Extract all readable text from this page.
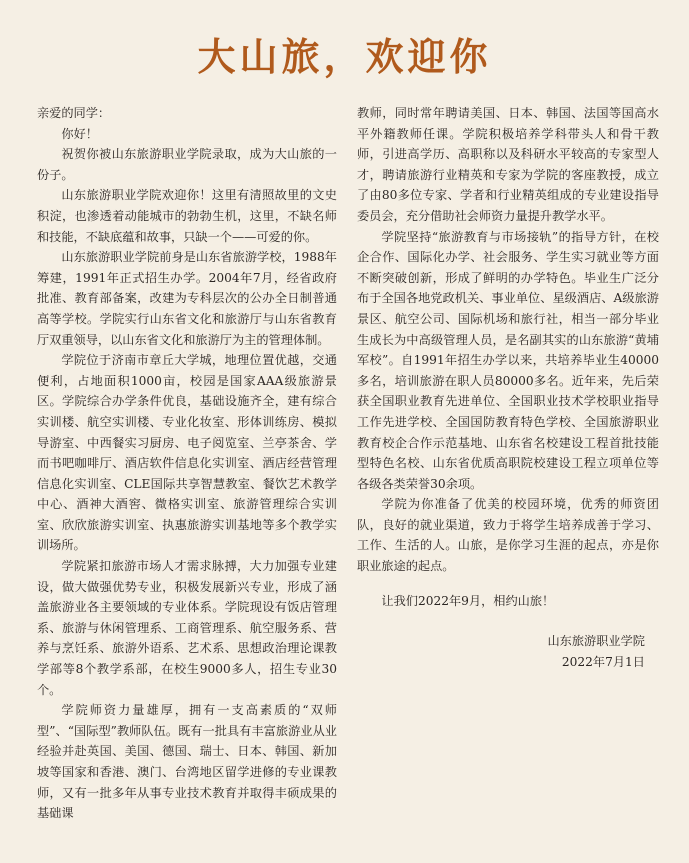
大山旅，欢迎你

亲爱的同学：

你好！

祝贺你被山东旅游职业学院录取，成为大山旅的一份子。

山东旅游职业学院欢迎你！这里有清照故里的文史积淀，也渗透着动能城市的勃勃生机，这里，不缺名师和技能，不缺底蕴和故事，只缺一个——可爱的你。

山东旅游职业学院前身是山东省旅游学校，1988年筹建，1991年正式招生办学。2004年7月，经省政府批准、教育部备案，改建为专科层次的公办全日制普通高等学校。学院实行山东省文化和旅游厅与山东省教育厅双重领导，以山东省文化和旅游厅为主的管理体制。

学院位于济南市章丘大学城，地理位置优越，交通便利，占地面积1000亩，校园是国家AAA级旅游景区。学院综合办学条件优良，基础设施齐全，建有综合实训楼、航空实训楼、专业化妆室、形体训练房、模拟导游室、中西餐实习厨房、电子阅览室、兰亭茶舍、学而书吧咖啡厅、酒店软件信息化实训室、酒店经营管理信息化实训室、CLE国际共享智慧教室、餐饮艺术教学中心、酒神大酒窖、微格实训室、旅游管理综合实训室、欣欣旅游实训室、执惠旅游实训基地等多个教学实训场所。

学院紧扣旅游市场人才需求脉搏，大力加强专业建设，做大做强优势专业，积极发展新兴专业，形成了涵盖旅游业各主要领域的专业体系。学院现设有饭店管理系、旅游与休闲管理系、工商管理系、航空服务系、营养与烹饪系、旅游外语系、艺术系、思想政治理论课教学部等8个教学系部，在校生9000多人，招生专业30个。

学院师资力量雄厚，拥有一支高素质的“双师型”、“国际型”教师队伍。既有一批具有丰富旅游业从业经验并赴英国、美国、德国、瑞士、日本、韩国、新加坡等国家和香港、澳门、台湾地区留学进修的专业课教师，又有一批多年从事专业技术教育并取得丰硕成果的基础课

教师，同时常年聘请美国、日本、韩国、法国等国高水平外籍教师任课。学院积极培养学科带头人和骨干教师，引进高学历、高职称以及科研水平较高的专家型人才，聘请旅游行业精英和专家为学院的客座教授，成立了由80多位专家、学者和行业精英组成的专业建设指导委员会，充分借助社会师资力量提升教学水平。

学院坚持“旅游教育与市场接轨”的指导方针，在校企合作、国际化办学、社会服务、学生实习就业等方面不断突破创新，形成了鲜明的办学特色。毕业生广泛分布于全国各地党政机关、事业单位、星级酒店、A级旅游景区、航空公司、国际机场和旅行社，相当一部分毕业生成长为中高级管理人员，是名副其实的山东旅游“黄埔军校”。自1991年招生办学以来，共培养毕业生40000多名，培训旅游在职人员80000多名。近年来，先后荣获全国职业教育先进单位、全国职业技术学校职业指导工作先进学校、全国国防教育特色学校、全国旅游职业教育校企合作示范基地、山东省名校建设工程首批技能型特色名校、山东省优质高职院校建设工程立项单位等各级各类荣誉30余项。

学院为你准备了优美的校园环境，优秀的师资团队，良好的就业渠道，致力于将学生培养成善于学习、工作、生活的人。山旅，是你学习生涯的起点，亦是你职业旅途的起点。

让我们2022年9月，相约山旅！

山东旅游职业学院

2022年7月1日
